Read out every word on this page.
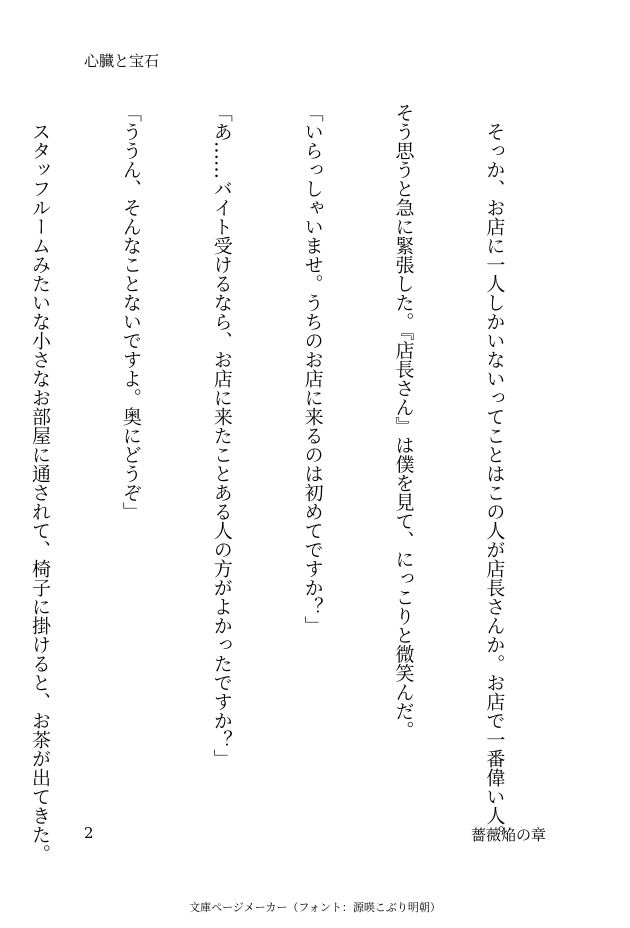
心臓と宝石

　そっか、お店に一人しかいないってことはこの人が店長さんか。お店で一番偉い人。

そう思うと急に緊張した。『店長さん』は僕を見て、にっこりと微笑んだ。

「いらっしゃいませ。うちのお店に来るのは初めてですか？」

「あ……バイト受けるなら、お店に来たことある人の方がよかったですか？」

「ううん、そんなことないですよ。奥にどうぞ」

　スタッフルームみたいな小さなお部屋に通されて、椅子に掛けると、お茶が出てきた。

2	薔薇焔の章
文庫ページメーカー（フォント：源暎こぶり明朝）
